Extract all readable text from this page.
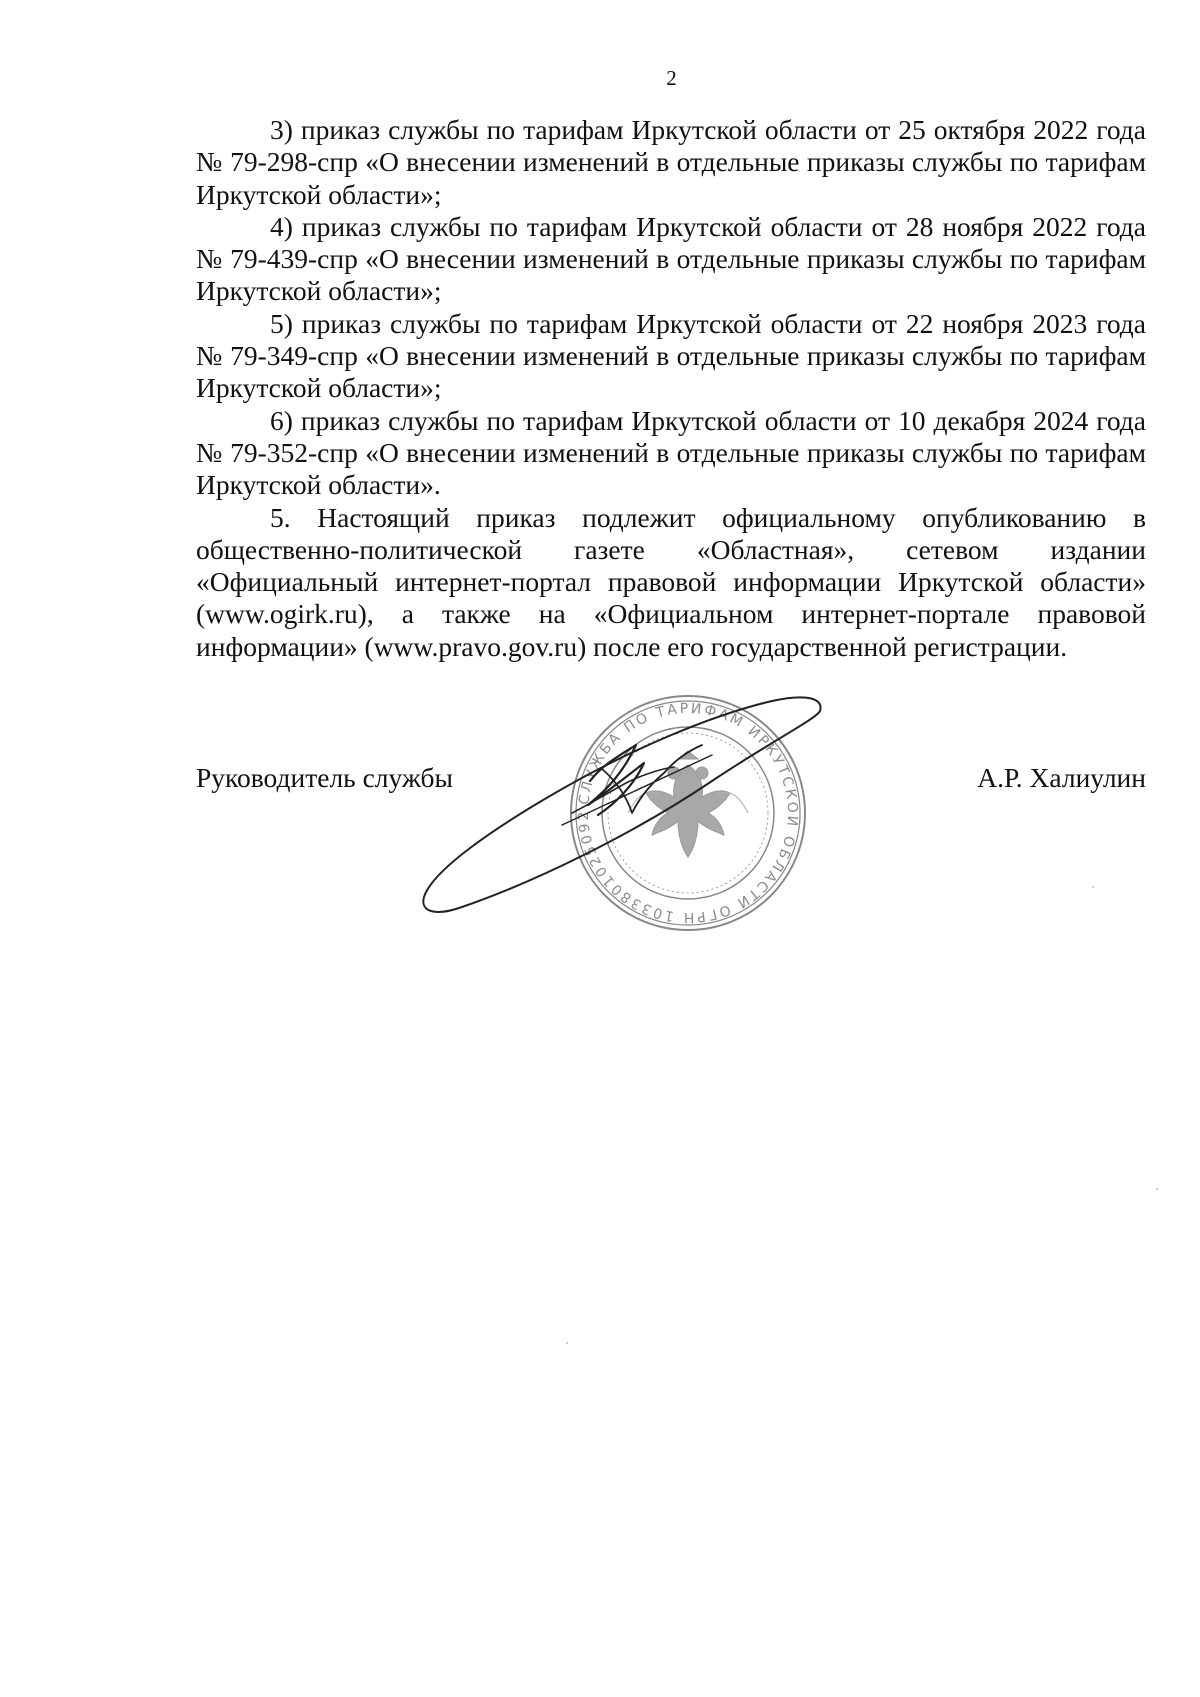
2

3) приказ службы по тарифам Иркутской области от 25 октября 2022 года № 79-298-спр «О внесении изменений в отдельные приказы службы по тарифам Иркутской области»;

4) приказ службы по тарифам Иркутской области от 28 ноября 2022 года № 79-439-спр «О внесении изменений в отдельные приказы службы по тарифам Иркутской области»;

5) приказ службы по тарифам Иркутской области от 22 ноября 2023 года № 79-349-спр «О внесении изменений в отдельные приказы службы по тарифам Иркутской области»;

6) приказ службы по тарифам Иркутской области от 10 декабря 2024 года № 79-352-спр «О внесении изменений в отдельные приказы службы по тарифам Иркутской области».

5. Настоящий приказ подлежит официальному опубликованию в общественно-политической газете «Областная», сетевом издании «Официальный интернет-портал правовой информации Иркутской области» (www.ogirk.ru), а также на «Официальном интернет-портале правовой информации» (www.pravo.gov.ru) после его государственной регистрации.

Руководитель службы	А.Р. Халиулин
СЛУЖБА ПО ТАРИФАМ ИРКУТСКОЙ ОБЛАСТИ ОГРН 1033801025092
